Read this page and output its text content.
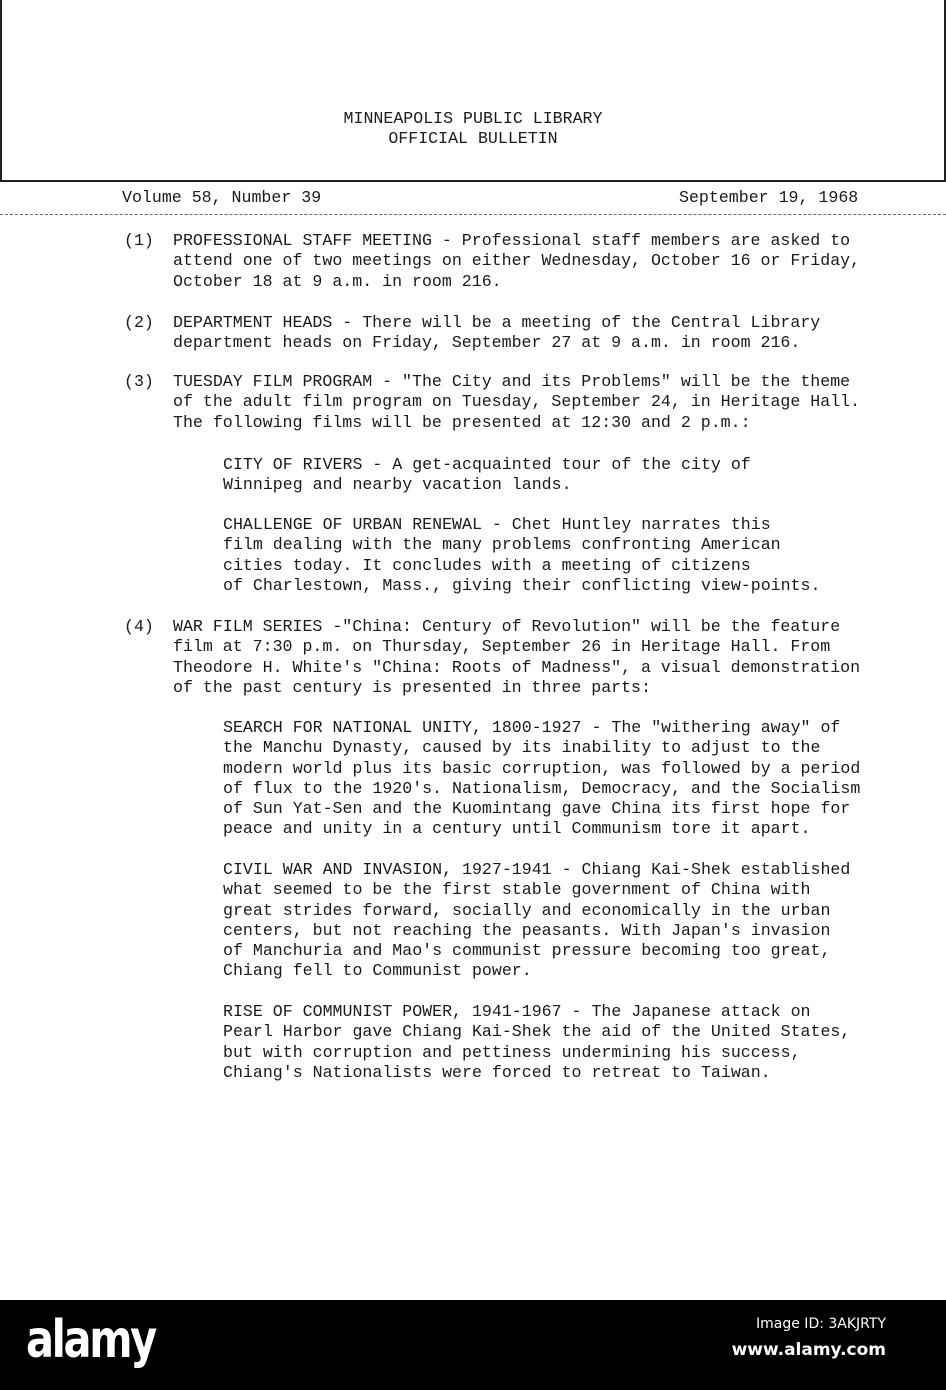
MINNEAPOLIS PUBLIC LIBRARY
OFFICIAL BULLETIN
Volume 58, Number 39	September 19, 1968
(1) PROFESSIONAL STAFF MEETING - Professional staff members are asked to
attend one of two meetings on either Wednesday, October 16 or Friday,
October 18 at 9 a.m. in room 216.
(2) DEPARTMENT HEADS - There will be a meeting of the Central Library
department heads on Friday, September 27 at 9 a.m. in room 216.
(3) TUESDAY FILM PROGRAM - "The City and its Problems" will be the theme
of the adult film program on Tuesday, September 24, in Heritage Hall.
The following films will be presented at 12:30 and 2 p.m.:
CITY OF RIVERS - A get-acquainted tour of the city of
Winnipeg and nearby vacation lands.
CHALLENGE OF URBAN RENEWAL - Chet Huntley narrates this
film dealing with the many problems confronting American
cities today. It concludes with a meeting of citizens
of Charlestown, Mass., giving their conflicting view-points.
(4) WAR FILM SERIES -"China: Century of Revolution" will be the feature
film at 7:30 p.m. on Thursday, September 26 in Heritage Hall. From
Theodore H. White's "China: Roots of Madness", a visual demonstration
of the past century is presented in three parts:
SEARCH FOR NATIONAL UNITY, 1800-1927 - The "withering away" of
the Manchu Dynasty, caused by its inability to adjust to the
modern world plus its basic corruption, was followed by a period
of flux to the 1920's. Nationalism, Democracy, and the Socialism
of Sun Yat-Sen and the Kuomintang gave China its first hope for
peace and unity in a century until Communism tore it apart.
CIVIL WAR AND INVASION, 1927-1941 - Chiang Kai-Shek established
what seemed to be the first stable government of China with
great strides forward, socially and economically in the urban
centers, but not reaching the peasants. With Japan's invasion
of Manchuria and Mao's communist pressure becoming too great,
Chiang fell to Communist power.
RISE OF COMMUNIST POWER, 1941-1967 - The Japanese attack on
Pearl Harbor gave Chiang Kai-Shek the aid of the United States,
but with corruption and pettiness undermining his success,
Chiang's Nationalists were forced to retreat to Taiwan.
alamy	Image ID: 3AKJRTY
www.alamy.com
